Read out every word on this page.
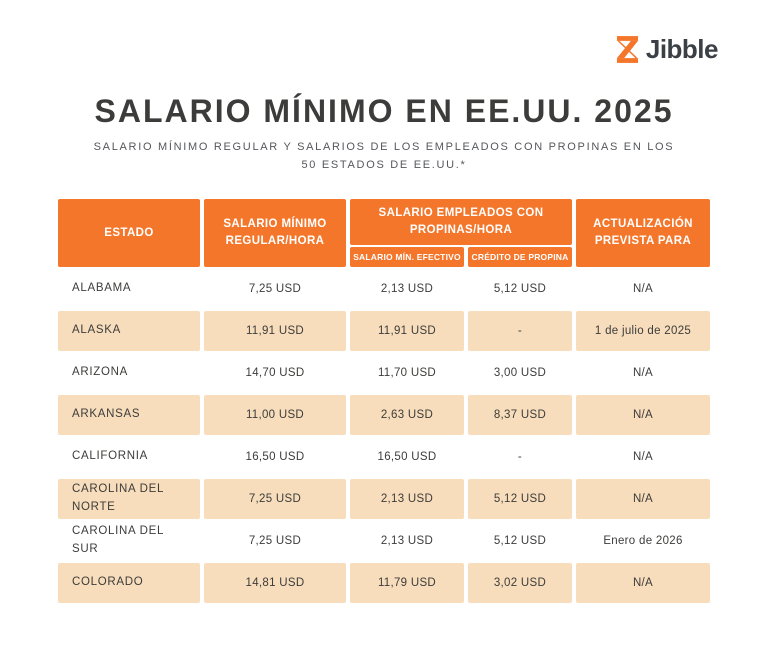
Jibble
SALARIO MÍNIMO EN EE.UU. 2025

SALARIO MÍNIMO REGULAR Y SALARIOS DE LOS EMPLEADOS CON PROPINAS EN LOS
50 ESTADOS DE EE.UU.*

ESTADO	SALARIO MÍNIMO REGULAR/HORA	SALARIO EMPLEADOS CON PROPINAS/HORA		ACTUALIZACIÓN PREVISTA PARA
		SALARIO MÍN. EFECTIVO	CRÉDITO DE PROPINA	
ALABAMA	7,25 USD	2,13 USD	5,12 USD	N/A
ALASKA	11,91 USD	11,91 USD	-	1 de julio de 2025
ARIZONA	14,70 USD	11,70 USD	3,00 USD	N/A
ARKANSAS	11,00 USD	2,63 USD	8,37 USD	N/A
CALIFORNIA	16,50 USD	16,50 USD	-	N/A
CAROLINA DEL NORTE	7,25 USD	2,13 USD	5,12 USD	N/A
CAROLINA DEL SUR	7,25 USD	2,13 USD	5,12 USD	Enero de 2026
COLORADO	14,81 USD	11,79 USD	3,02 USD	N/A
